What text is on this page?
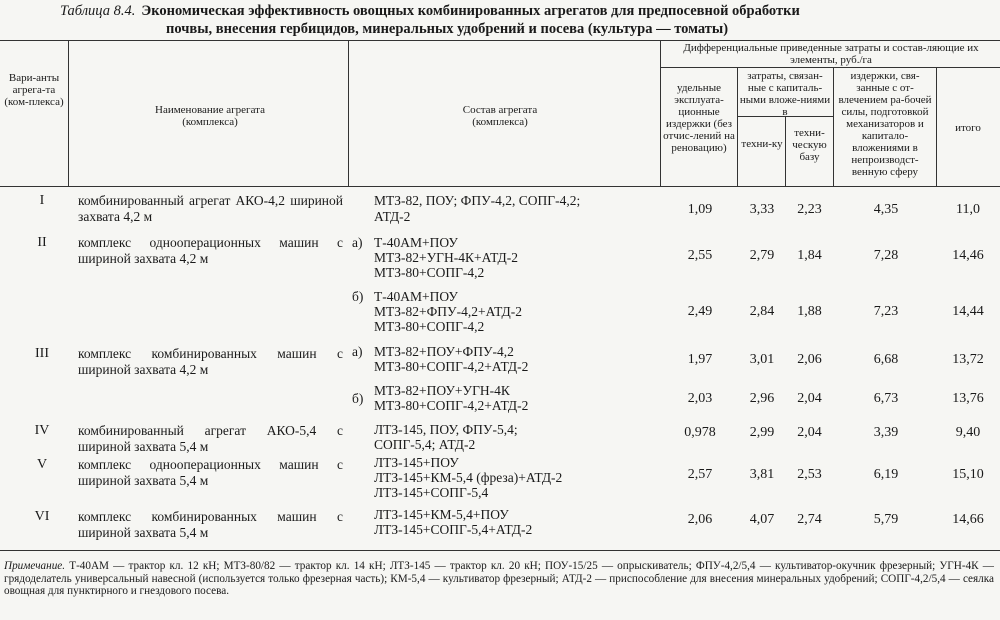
Таблица 8.4. Экономическая эффективность овощных комбинированных агрегатов для предпосевной обработки
почвы, внесения гербицидов, минеральных удобрений и посева (культура — томаты)
Вари-анты агрега-та (ком-плекса)
Наименование агрегата (комплекса)
Состав агрегата (комплекса)
Дифференциальные приведенные затраты и состав-ляющие их элементы, руб./га
удельные эксплуата-ционные издержки (без отчис-лений на реновацию)
затраты, связан-ные с капиталь-ными вложе-ниями в
техни-ку
техни-ческую базу
издержки, свя-занные с от-влечением ра-бочей силы, подготовкой механизаторов и капитало-вложениями в непроизводст-венную сферу
итого
I	комбинированный агрегат АКО-4,2 шириной захвата 4,2 м
МТЗ-82, ПОУ; ФПУ-4,2, СОПГ-4,2;
АТД-2	1,09	3,33	2,23	4,35	11,0
II	комплекс однооперационных машин с шириной захвата 4,2 м
а) Т-40АМ+ПОУ
МТЗ-82+УГН-4К+АТД-2
МТЗ-80+СОПГ-4,2
2,55	2,79	1,84	7,28	14,46
б) Т-40АМ+ПОУ
МТЗ-82+ФПУ-4,2+АТД-2
МТЗ-80+СОПГ-4,2
2,49	2,84	1,88	7,23	14,44
III	комплекс комбинированных машин с шириной захвата 4,2 м
а) МТЗ-82+ПОУ+ФПУ-4,2
МТЗ-80+СОПГ-4,2+АТД-2	1,97	3,01	2,06	6,68	13,72
б)
МТЗ-82+ПОУ+УГН-4К
МТЗ-80+СОПГ-4,2+АТД-2	2,03	2,96	2,04	6,73	13,76
IV	комбинированный агрегат АКО-5,4 с шириной захвата 5,4 м
ЛТЗ-145, ПОУ, ФПУ-5,4;
СОПГ-5,4; АТД-2
0,978	2,99	2,04	3,39	9,40
V	комплекс однооперационных машин с шириной захвата 5,4 м
ЛТЗ-145+ПОУ
ЛТЗ-145+КМ-5,4 (фреза)+АТД-2
ЛТЗ-145+СОПГ-5,4
2,57	3,81	2,53	6,19	15,10
VI	комплекс комбинированных машин с шириной захвата 5,4 м
ЛТЗ-145+КМ-5,4+ПОУ
ЛТЗ-145+СОПГ-5,4+АТД-2
2,06	4,07	2,74	5,79	14,66
Примечание. Т-40АМ — трактор кл. 12 кН; МТЗ-80/82 — трактор кл. 14 кН; ЛТЗ-145 — трактор кл. 20 кН; ПОУ-15/25 — опрыскиватель; ФПУ-4,2/5,4 — культиватор-окучник фрезерный; УГН-4К — грядоделатель универсальный навесной (используется только фрезерная часть); КМ-5,4 — культиватор фрезерный; АТД-2 — приспособление для внесения минеральных удобрений; СОПГ-4,2/5,4 — сеялка овощная для пунктирного и гнездового посева.
